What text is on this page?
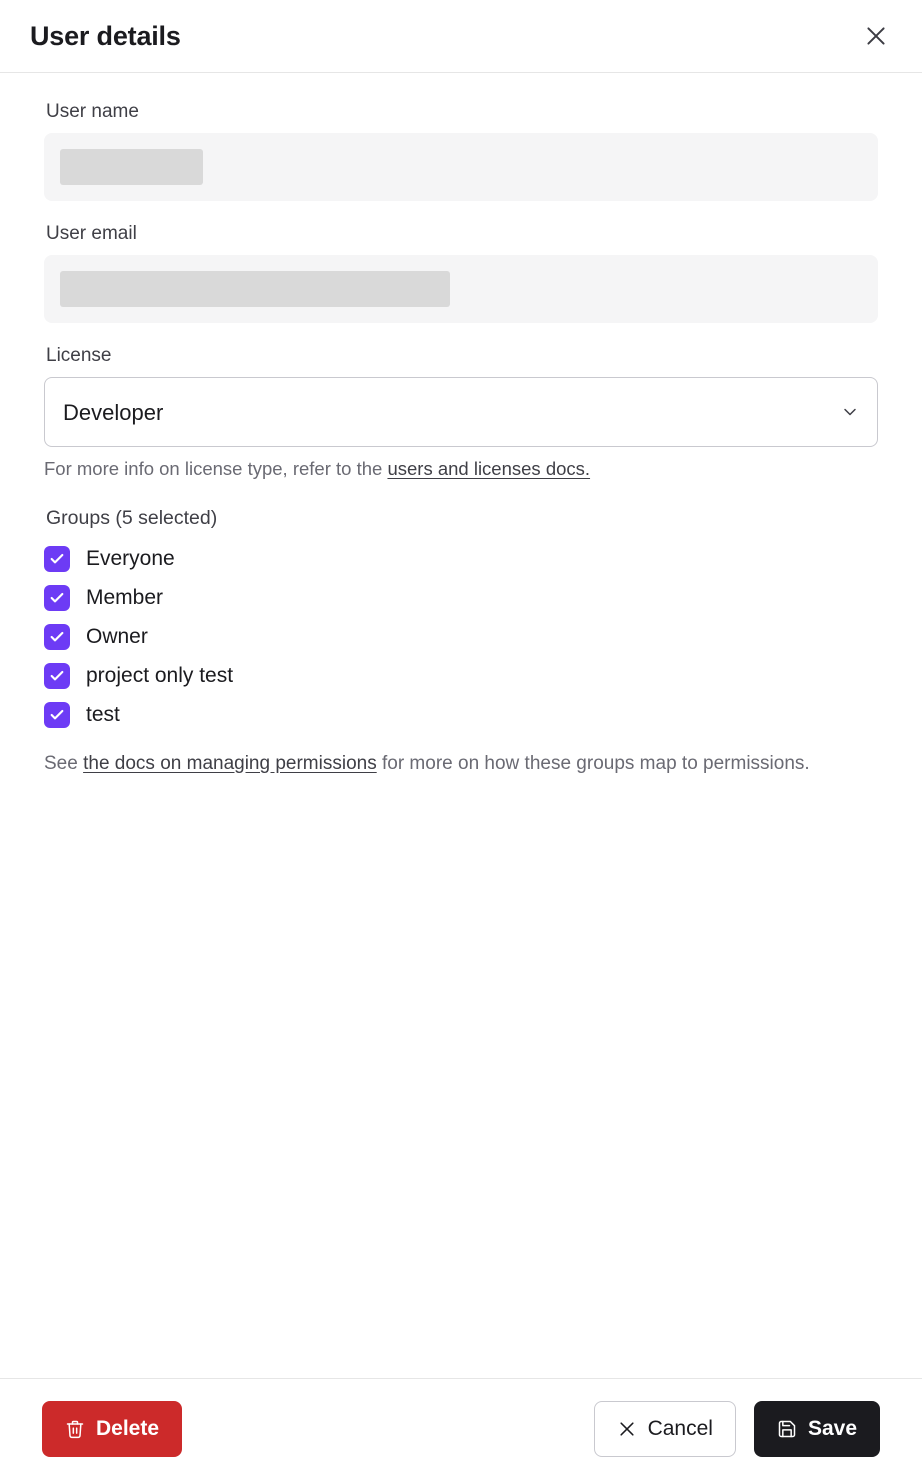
User details
User name
User email
License
Developer

For more info on license type, refer to the users and licenses docs.

Groups (5 selected)
Everyone
Member
Owner
project only test
test

See the docs on managing permissions for more on how these groups map to permissions.

Delete	Cancel	Save
